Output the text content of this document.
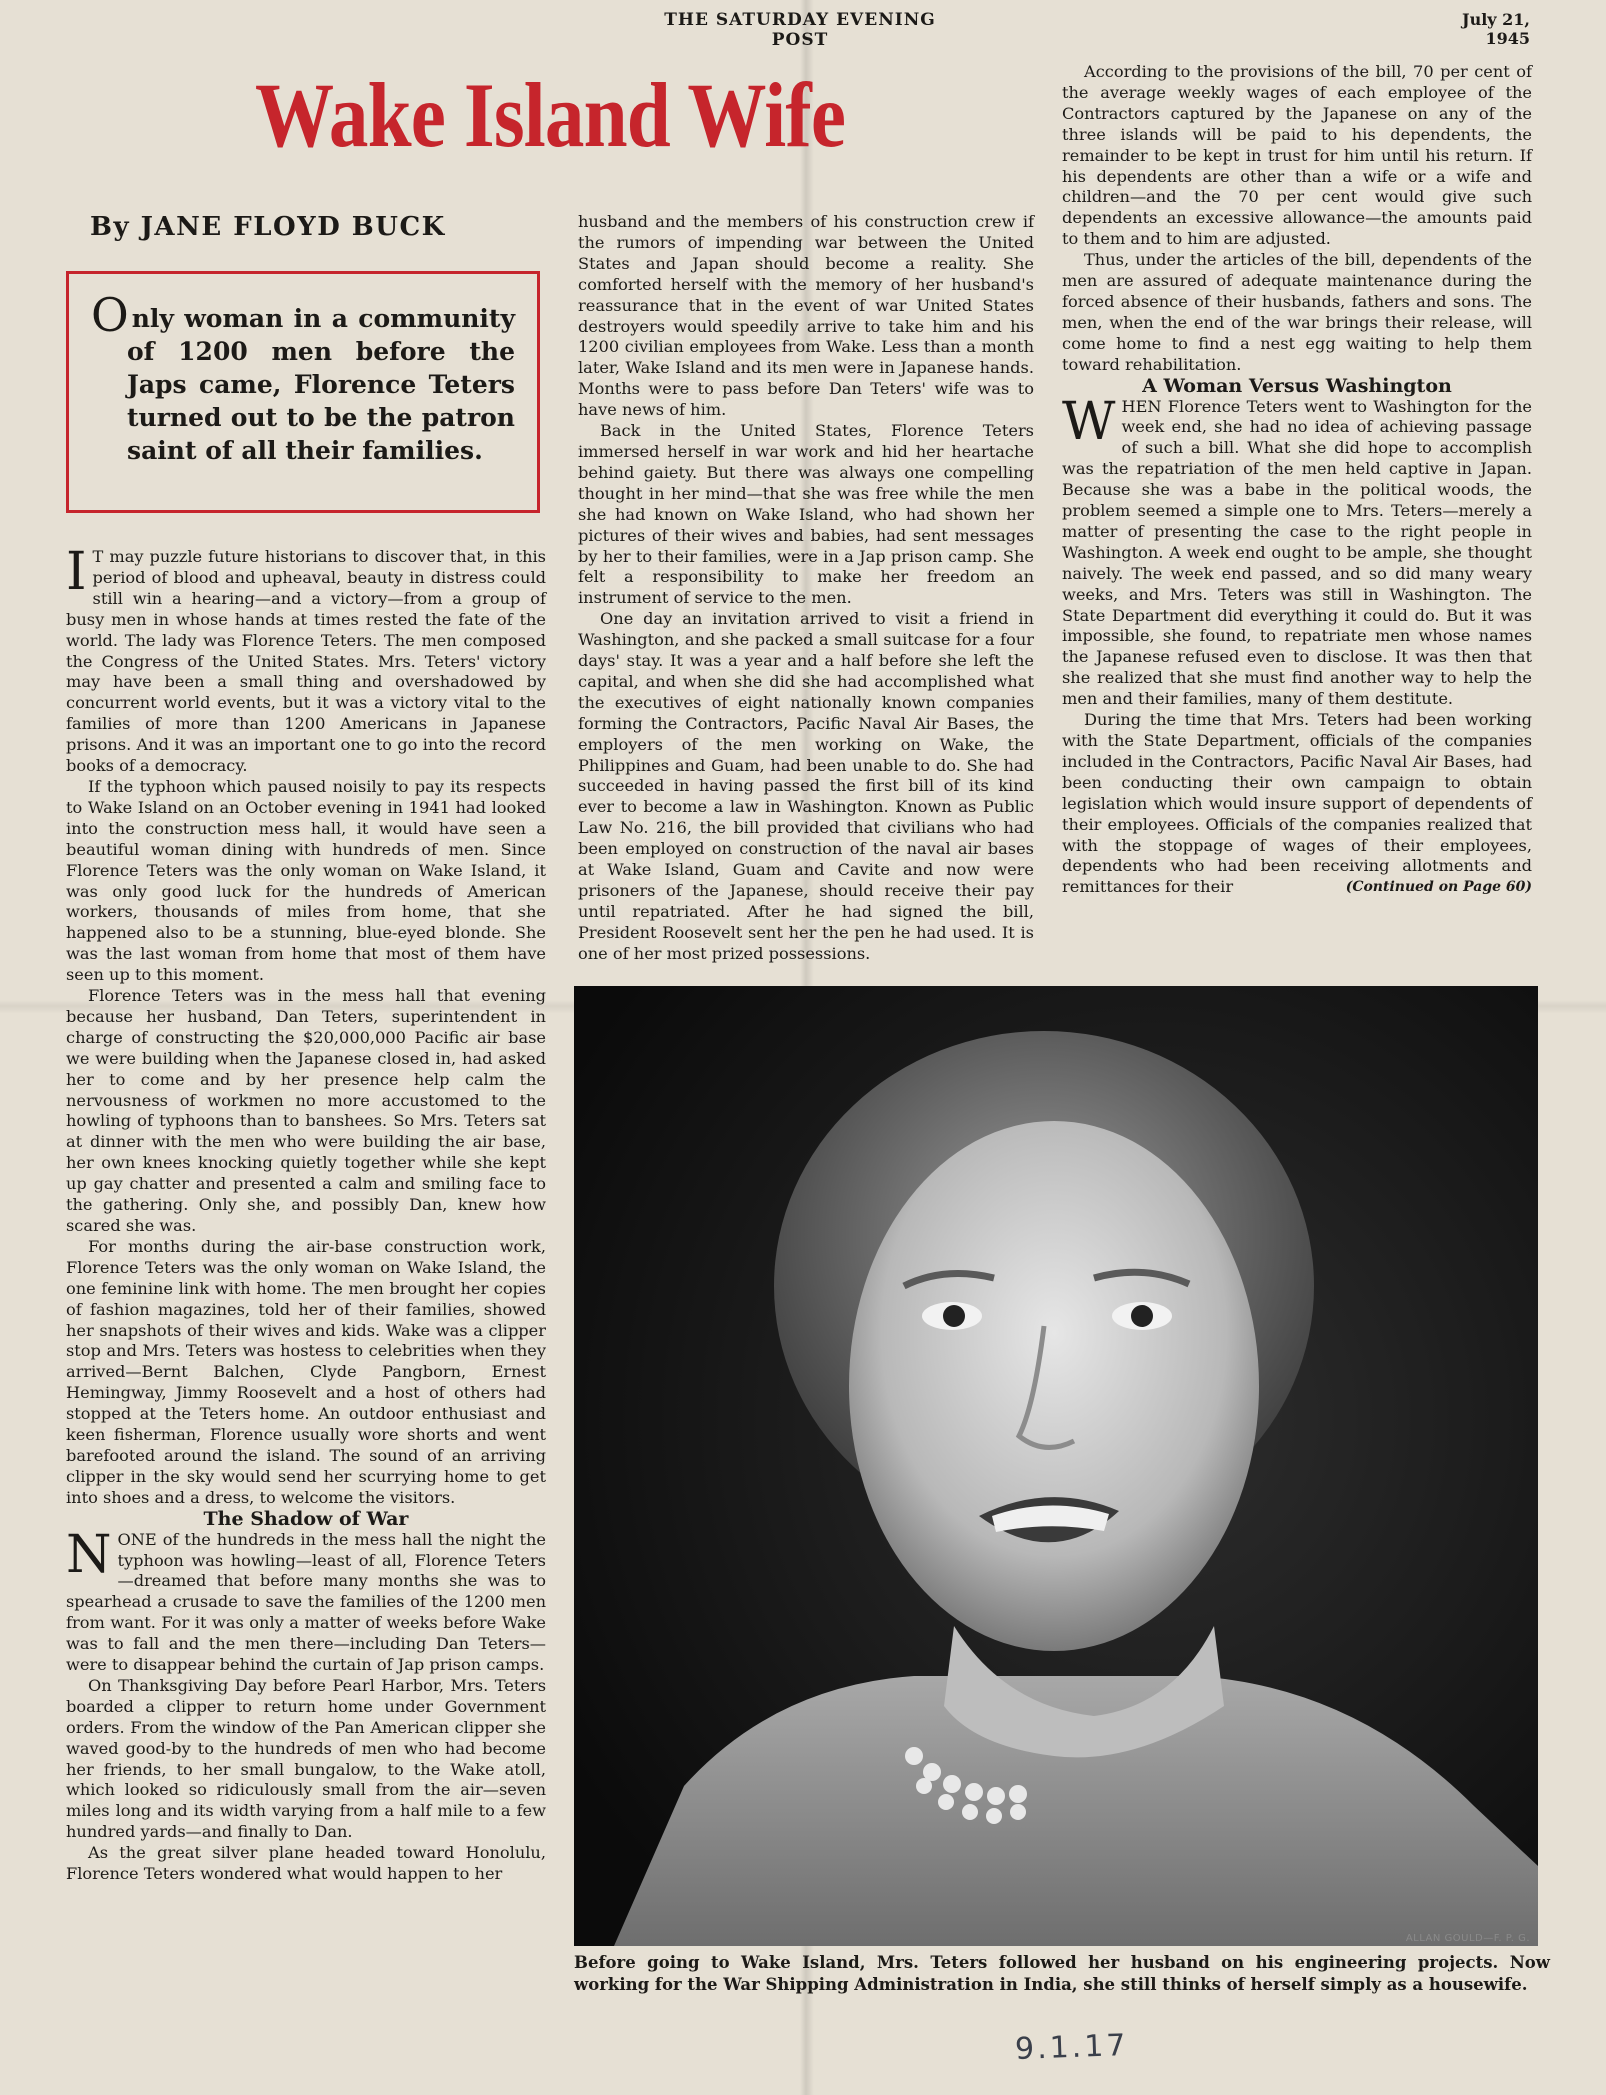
THE SATURDAY EVENING POST
July 21, 1945
Wake Island Wife
By JANE FLOYD BUCK
Only woman in a community of 1200 men before the Japs came, Florence Teters turned out to be the patron saint of all their families.

I T may puzzle future historians to discover that, in this period of blood and upheaval, beauty in distress could still win a hearing—and a victory—from a group of busy men in whose hands at times rested the fate of the world. The lady was Florence Teters. The men composed the Congress of the United States. Mrs. Teters' victory may have been a small thing and overshadowed by concurrent world events, but it was a victory vital to the families of more than 1200 Americans in Japanese prisons. And it was an important one to go into the record books of a democracy.

If the typhoon which paused noisily to pay its respects to Wake Island on an October evening in 1941 had looked into the construction mess hall, it would have seen a beautiful woman dining with hundreds of men. Since Florence Teters was the only woman on Wake Island, it was only good luck for the hundreds of American workers, thousands of miles from home, that she happened also to be a stunning, blue-eyed blonde. She was the last woman from home that most of them have seen up to this moment.

Florence Teters was in the mess hall that evening because her husband, Dan Teters, superintendent in charge of constructing the $20,000,000 Pacific air base we were building when the Japanese closed in, had asked her to come and by her presence help calm the nervousness of workmen no more accustomed to the howling of typhoons than to banshees. So Mrs. Teters sat at dinner with the men who were building the air base, her own knees knocking quietly together while she kept up gay chatter and presented a calm and smiling face to the gathering. Only she, and possibly Dan, knew how scared she was.

For months during the air-base construction work, Florence Teters was the only woman on Wake Island, the one feminine link with home. The men brought her copies of fashion magazines, told her of their families, showed her snapshots of their wives and kids. Wake was a clipper stop and Mrs. Teters was hostess to celebrities when they arrived—Bernt Balchen, Clyde Pangborn, Ernest Hemingway, Jimmy Roosevelt and a host of others had stopped at the Teters home. An outdoor enthusiast and keen fisherman, Florence usually wore shorts and went barefooted around the island. The sound of an arriving clipper in the sky would send her scurrying home to get into shoes and a dress, to welcome the visitors.

The Shadow of War

NONE of the hundreds in the mess hall the night the typhoon was howling—least of all, Florence Teters—dreamed that before many months she was to spearhead a crusade to save the families of the 1200 men from want. For it was only a matter of weeks before Wake was to fall and the men there—including Dan Teters—were to disappear behind the curtain of Jap prison camps.

On Thanksgiving Day before Pearl Harbor, Mrs. Teters boarded a clipper to return home under Government orders. From the window of the Pan American clipper she waved good-by to the hundreds of men who had become her friends, to her small bungalow, to the Wake atoll, which looked so ridiculously small from the air—seven miles long and its width varying from a half mile to a few hundred yards—and finally to Dan.

As the great silver plane headed toward Honolulu, Florence Teters wondered what would happen to her

husband and the members of his construction crew if the rumors of impending war between the United States and Japan should become a reality. She comforted herself with the memory of her husband's reassurance that in the event of war United States destroyers would speedily arrive to take him and his 1200 civilian employees from Wake. Less than a month later, Wake Island and its men were in Japanese hands. Months were to pass before Dan Teters' wife was to have news of him.

Back in the United States, Florence Teters immersed herself in war work and hid her heartache behind gaiety. But there was always one compelling thought in her mind—that she was free while the men she had known on Wake Island, who had shown her pictures of their wives and babies, had sent messages by her to their families, were in a Jap prison camp. She felt a responsibility to make her freedom an instrument of service to the men.

One day an invitation arrived to visit a friend in Washington, and she packed a small suitcase for a four days' stay. It was a year and a half before she left the capital, and when she did she had accomplished what the executives of eight nationally known companies forming the Contractors, Pacific Naval Air Bases, the employers of the men working on Wake, the Philippines and Guam, had been unable to do. She had succeeded in having passed the first bill of its kind ever to become a law in Washington. Known as Public Law No. 216, the bill provided that civilians who had been employed on construction of the naval air bases at Wake Island, Guam and Cavite and now were prisoners of the Japanese, should receive their pay until repatriated. After he had signed the bill, President Roosevelt sent her the pen he had used. It is one of her most prized possessions.

According to the provisions of the bill, 70 per cent of the average weekly wages of each employee of the Contractors captured by the Japanese on any of the three islands will be paid to his dependents, the remainder to be kept in trust for him until his return. If his dependents are other than a wife or a wife and children—and the 70 per cent would give such dependents an excessive allowance—the amounts paid to them and to him are adjusted.

Thus, under the articles of the bill, dependents of the men are assured of adequate maintenance during the forced absence of their husbands, fathers and sons. The men, when the end of the war brings their release, will come home to find a nest egg waiting to help them toward rehabilitation.

A Woman Versus Washington

WHEN Florence Teters went to Washington for the week end, she had no idea of achieving passage of such a bill. What she did hope to accomplish was the repatriation of the men held captive in Japan. Because she was a babe in the political woods, the problem seemed a simple one to Mrs. Teters—merely a matter of presenting the case to the right people in Washington. A week end ought to be ample, she thought naively. The week end passed, and so did many weary weeks, and Mrs. Teters was still in Washington. The State Department did everything it could do. But it was impossible, she found, to repatriate men whose names the Japanese refused even to disclose. It was then that she realized that she must find another way to help the men and their families, many of them destitute.

During the time that Mrs. Teters had been working with the State Department, officials of the companies included in the Contractors, Pacific Naval Air Bases, had been conducting their own campaign to obtain legislation which would insure support of dependents of their employees. Officials of the companies realized that with the stoppage of wages of their employees, dependents who had been receiving allotments and remittances for their	(Continued on Page 60)

ALLAN GOULD—F. P. G.
Before going to Wake Island, Mrs. Teters followed her husband on his engineering projects. Now working for the War Shipping Administration in India, she still thinks of herself simply as a housewife.
9.1.17
